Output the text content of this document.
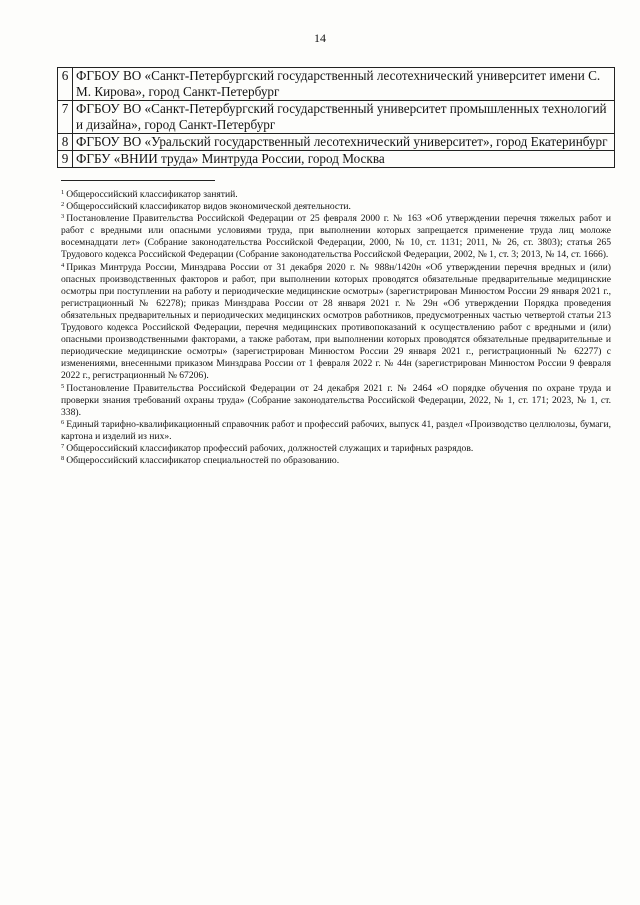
14
6	ФГБОУ ВО «Санкт-Петербургский государственный лесотехнический университет имени С. М. Кирова», город Санкт-Петербург
7	ФГБОУ ВО «Санкт-Петербургский государственный университет промышленных технологий и дизайна», город Санкт-Петербург
8	ФГБОУ ВО «Уральский государственный лесотехнический университет», город Екатеринбург
9	ФГБУ «ВНИИ труда» Минтруда России, город Москва

$^1$ Общероссийский классификатор занятий.

$^2$ Общероссийский классификатор видов экономической деятельности.

$^3$ Постановление Правительства Российской Федерации от 25 февраля 2000 г. № 163 «Об утверждении перечня тяжелых работ и работ с вредными или опасными условиями труда, при выполнении которых запрещается применение труда лиц моложе восемнадцати лет» (Собрание законодательства Российской Федерации, 2000, № 10, ст. 1131; 2011, № 26, ст. 3803); статья 265 Трудового кодекса Российской Федерации (Собрание законодательства Российской Федерации, 2002, № 1, ст. 3; 2013, № 14, ст. 1666).

$^4$ Приказ Минтруда России, Минздрава России от 31 декабря 2020 г. № 988н/1420н «Об утверждении перечня вредных и (или) опасных производственных факторов и работ, при выполнении которых проводятся обязательные предварительные медицинские осмотры при поступлении на работу и периодические медицинские осмотры» (зарегистрирован Минюстом России 29 января 2021 г., регистрационный № 62278); приказ Минздрава России от 28 января 2021 г. № 29н «Об утверждении Порядка проведения обязательных предварительных и периодических медицинских осмотров работников, предусмотренных частью четвертой статьи 213 Трудового кодекса Российской Федерации, перечня медицинских противопоказаний к осуществлению работ с вредными и (или) опасными производственными факторами, а также работам, при выполнении которых проводятся обязательные предварительные и периодические медицинские осмотры» (зарегистрирован Минюстом России 29 января 2021 г., регистрационный № 62277) с изменениями, внесенными приказом Минздрава России от 1 февраля 2022 г. № 44н (зарегистрирован Минюстом России 9 февраля 2022 г., регистрационный № 67206).

$^5$ Постановление Правительства Российской Федерации от 24 декабря 2021 г. № 2464 «О порядке обучения по охране труда и проверки знания требований охраны труда» (Собрание законодательства Российской Федерации, 2022, № 1, ст. 171; 2023, № 1, ст. 338).

$^6$ Единый тарифно-квалификационный справочник работ и профессий рабочих, выпуск 41, раздел «Производство целлюлозы, бумаги, картона и изделий из них».

$^7$ Общероссийский классификатор профессий рабочих, должностей служащих и тарифных разрядов.

$^8$ Общероссийский классификатор специальностей по образованию.
